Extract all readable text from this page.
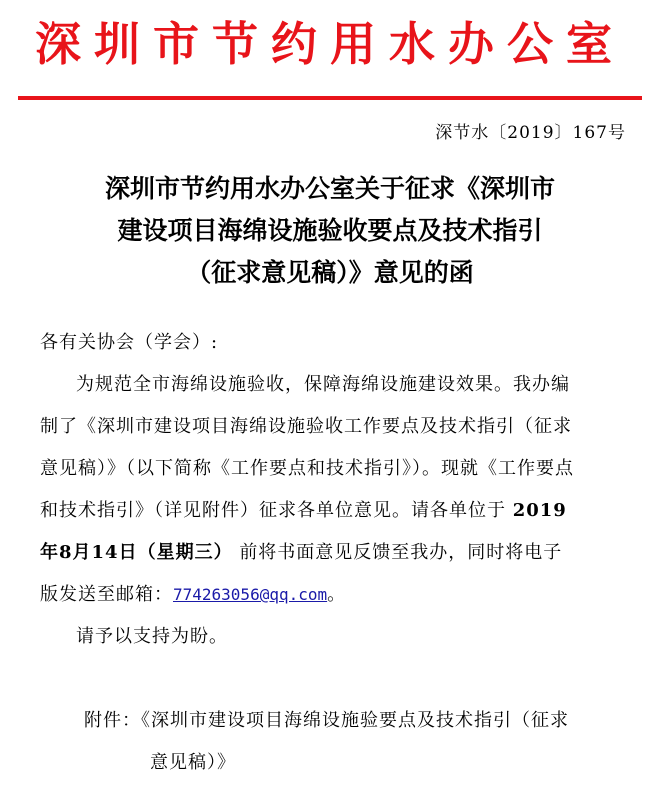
深圳市节约用水办公室
深节水〔2019〕167号
深圳市节约用水办公室关于征求《深圳市
建设项目海绵设施验收要点及技术指引
（征求意见稿）》意见的函
各有关协会（学会）:
为规范全市海绵设施验收，保障海绵设施建设效果。我办编
制了《深圳市建设项目海绵设施验收工作要点及技术指引（征求
意见稿）》（以下简称《工作要点和技术指引》）。现就《工作要点
和技术指引》（详见附件）征求各单位意见。请各单位于 2019
年8月14日（星期三） 前将书面意见反馈至我办，同时将电子
版发送至邮箱：774263056@qq.com。
请予以支持为盼。
附件：《深圳市建设项目海绵设施验要点及技术指引（征求
意见稿）》
